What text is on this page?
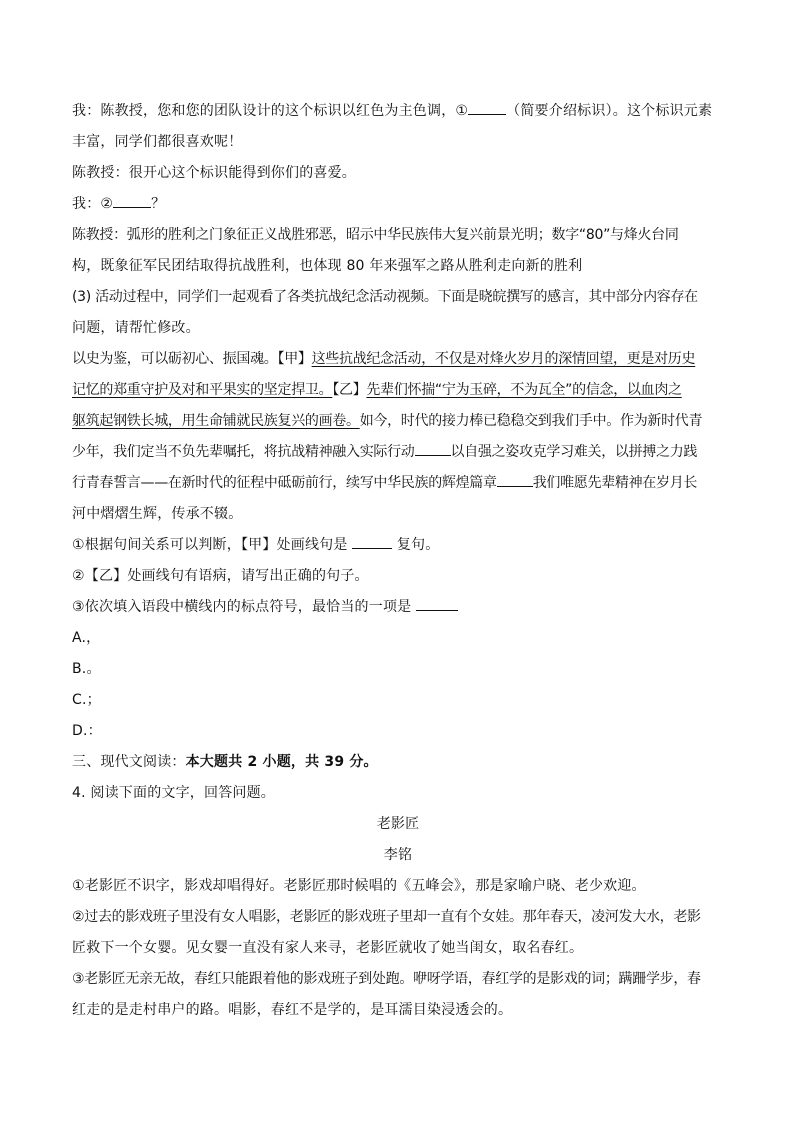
我：陈教授，您和您的团队设计的这个标识以红色为主色调，①	（简要介绍标识）。这个标识元素
丰富，同学们都很喜欢呢！
陈教授：很开心这个标识能得到你们的喜爱。
我：②	？
陈教授：弧形的胜利之门象征正义战胜邪恶，昭示中华民族伟大复兴前景光明；数字“80”与烽火台同
构，既象征军民团结取得抗战胜利，也体现 80 年来强军之路从胜利走向新的胜利
(3) 活动过程中，同学们一起观看了各类抗战纪念活动视频。下面是晓皖撰写的感言，其中部分内容存在
问题，请帮忙修改。
以史为鉴，可以砺初心、振国魂。【甲】这些抗战纪念活动，不仅是对烽火岁月的深情回望，更是对历史
记忆的郑重守护及对和平果实的坚定捍卫。【乙】先辈们怀揣“宁为玉碎，不为瓦全”的信念，以血肉之
躯筑起钢铁长城，用生命铺就民族复兴的画卷。如今，时代的接力棒已稳稳交到我们手中。作为新时代青
少年，我们定当不负先辈嘱托，将抗战精神融入实际行动	以自强之姿攻克学习难关，以拼搏之力践
行青春誓言——在新时代的征程中砥砺前行，续写中华民族的辉煌篇章	我们唯愿先辈精神在岁月长
河中熠熠生辉，传承不辍。
①根据句间关系可以判断，【甲】处画线句是	复句。
②【乙】处画线句有语病，请写出正确的句子。
③依次填入语段中横线内的标点符号，最恰当的一项是
A.，
B.。
C.；
D.：
三、现代文阅读：本大题共 2 小题，共 39 分。
4. 阅读下面的文字，回答问题。
老影匠
李铭
①老影匠不识字，影戏却唱得好。老影匠那时候唱的《五峰会》，那是家喻户晓、老少欢迎。
②过去的影戏班子里没有女人唱影，老影匠的影戏班子里却一直有个女娃。那年春天，凌河发大水，老影
匠救下一个女婴。见女婴一直没有家人来寻，老影匠就收了她当闺女，取名春红。
③老影匠无亲无故，春红只能跟着他的影戏班子到处跑。咿呀学语，春红学的是影戏的词；蹒跚学步，春
红走的是走村串户的路。唱影，春红不是学的，是耳濡目染浸透会的。
